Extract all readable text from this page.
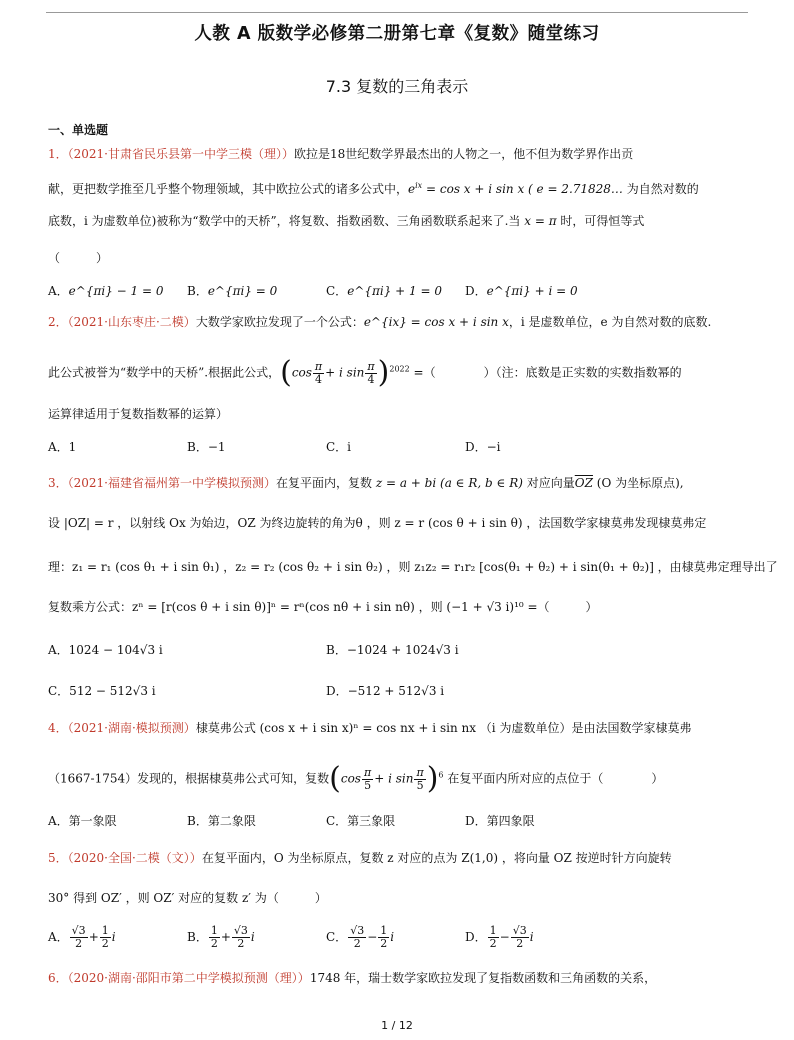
人教 A 版数学必修第二册第七章《复数》随堂练习
7.3 复数的三角表示
一、单选题
1．（2021·甘肃省民乐县第一中学三模（理））欧拉是18世纪数学界最杰出的人物之一，他不但为数学界作出贡
献，更把数学推至几乎整个物理领域，其中欧拉公式的诸多公式中，$e^{ix} = \cos x + i$ sin x ( e = 2.71828… 为自然对数的
底数，i 为虚数单位)被称为“数学中的天桥”，将复数、指数函数、三角函数联系起来了.当 x = π 时，可得恒等式
（　　　）
A．e^{πi} − 1 = 0 B．e^{πi} = 0	C．e^{πi} + 1 = 0 D．e^{πi} + i = 0
2．（2021·山东枣庄·二模）大数学家欧拉发现了一个公式：e^{ix} = cos x + i sin x，i 是虚数单位，e 为自然对数的底数.
此公式被誉为“数学中的天桥”.根据此公式，($\cos \frac{\pi}{4} + i$ $\sin \frac{\pi}{4} )^{2022}$ =（　　　　）（注：底数是正实数的实数指数幂的
运算律适用于复数指数幂的运算）
A．1	B．−1	C．i	D．−i
3．（2021·福建省福州第一中学模拟预测）在复平面内，复数 z = a + bi (a ∈ R, b ∈ R) 对应向量$\overline{OZ}$ (O 为坐标原点),
设 |OZ| = r ，以射线 Ox 为始边，OZ 为终边旋转的角为θ ，则 z = r (cos θ + i sin θ) ，法国数学家棣莫弗发现棣莫弗定
理：z₁ = r₁ (cos θ₁ + i sin θ₁) ，z₂ = r₂ (cos θ₂ + i sin θ₂) ，则 z₁z₂ = r₁r₂ [cos(θ₁ + θ₂) + i sin(θ₁ + θ₂)] ，由棣莫弗定理导出了
复数乘方公式：zⁿ = [r(cos θ + i sin θ)]ⁿ = rⁿ(cos nθ + i sin nθ) ，则 (−1 + √3 i)¹⁰ =（　　　）
A．1024 − 104√3 i	B．−1024 + 1024√3 i
C．512 − 512√3 i	D．−512 + 512√3 i
4．（2021·湖南·模拟预测）棣莫弗公式 (cos x + i sin x)ⁿ = cos nx + i sin nx （i 为虚数单位）是由法国数学家棣莫弗
（1667-1754）发现的，根据棣莫弗公式可知，复数($\cos \frac{\pi}{5} + i$ $\sin \frac{\pi}{5} )^6$ 在复平面内所对应的点位于（　　　　）
A．第一象限	B．第二象限	C．第三象限	D．第四象限
5．（2020·全国·二模（文））在复平面内，O 为坐标原点，复数 z 对应的点为 Z(1,0) ，将向量 OZ 按逆时针方向旋转
30° 得到 OZ′ ，则 OZ′ 对应的复数 z′ 为（　　　）
A． $\frac{√3}{2} + \frac{1}{2}$ i	B． $\frac{1}{2} + \frac{√3}{2}$ i	C． $\frac{√3}{2} - \frac{1}{2}$ i	D． $\frac{1}{2} - \frac{√3}{2}$ i
6．（2020·湖南·邵阳市第二中学模拟预测（理））1748 年，瑞士数学家欧拉发现了复指数函数和三角函数的关系，
1 / 12
